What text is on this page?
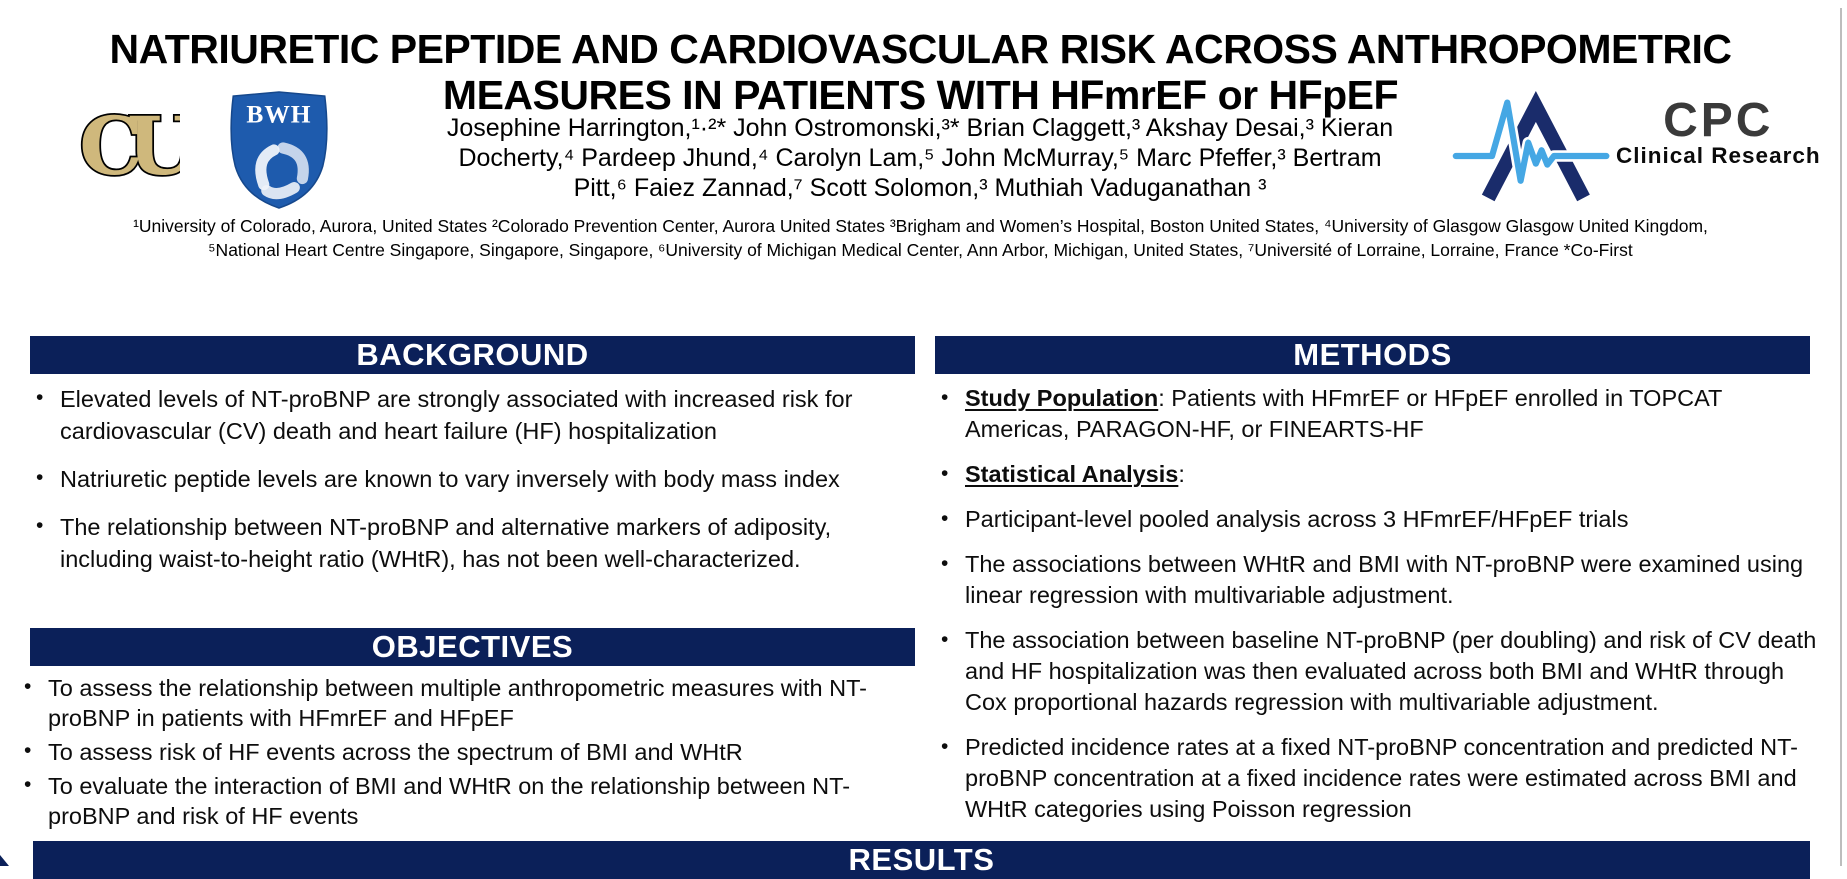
NATRIURETIC PEPTIDE AND CARDIOVASCULAR RISK ACROSS ANTHROPOMETRIC
MEASURES IN PATIENTS WITH HFmrEF or HFpEF
CU	BWH	CPC
Clinical Research
Josephine Harrington,¹·²* John Ostromonski,³* Brian Claggett,³ Akshay Desai,³ Kieran
Docherty,⁴ Pardeep Jhund,⁴ Carolyn Lam,⁵ John McMurray,⁵ Marc Pfeffer,³ Bertram
Pitt,⁶ Faiez Zannad,⁷ Scott Solomon,³ Muthiah Vaduganathan ³
¹University of Colorado, Aurora, United States ²Colorado Prevention Center, Aurora United States ³Brigham and Women’s Hospital, Boston United States, ⁴University of Glasgow Glasgow United Kingdom,
⁵National Heart Centre Singapore, Singapore, Singapore, ⁶University of Michigan Medical Center, Ann Arbor, Michigan, United States, ⁷Université of Lorraine, Lorraine, France *Co-First
BACKGROUND
OBJECTIVES
METHODS
RESULTS
• Elevated levels of NT-proBNP are strongly associated with increased risk for cardiovascular (CV) death and heart failure (HF) hospitalization
• Natriuretic peptide levels are known to vary inversely with body mass index
• The relationship between NT-proBNP and alternative markers of adiposity, including waist-to-height ratio (WHtR), has not been well-characterized.
• To assess the relationship between multiple anthropometric measures with NT-proBNP in patients with HFmrEF and HFpEF
• To assess risk of HF events across the spectrum of BMI and WHtR
• To evaluate the interaction of BMI and WHtR on the relationship between NT-proBNP and risk of HF events
• Study Population: Patients with HFmrEF or HFpEF enrolled in TOPCAT Americas, PARAGON-HF, or FINEARTS-HF
• Statistical Analysis:
• Participant-level pooled analysis across 3 HFmrEF/HFpEF trials
• The associations between WHtR and BMI with NT-proBNP were examined using linear regression with multivariable adjustment.
• The association between baseline NT-proBNP (per doubling) and risk of CV death and HF hospitalization was then evaluated across both BMI and WHtR through Cox proportional hazards regression with multivariable adjustment.
• Predicted incidence rates at a fixed NT-proBNP concentration and predicted NT-proBNP concentration at a fixed incidence rates were estimated across BMI and WHtR categories using Poisson regression
